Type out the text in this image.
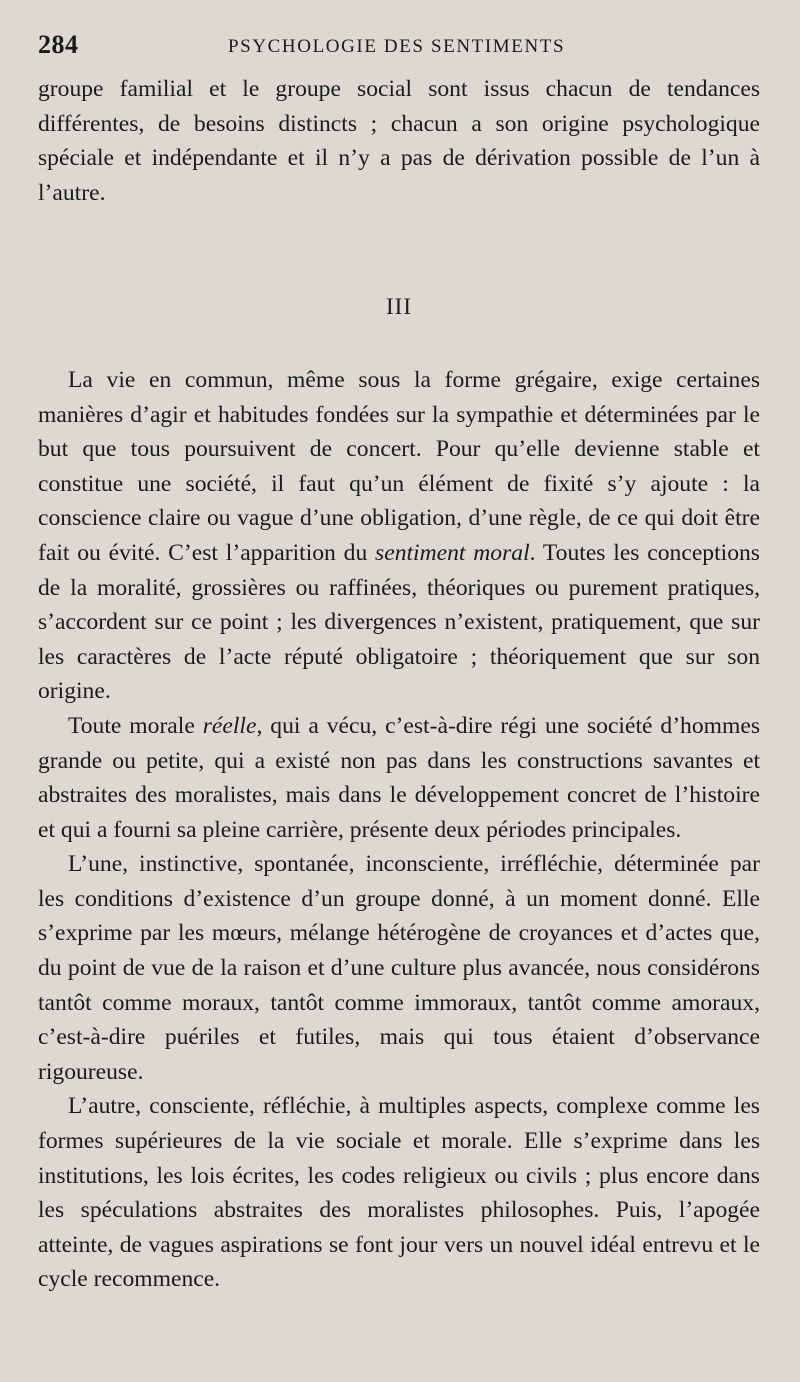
284	PSYCHOLOGIE DES SENTIMENTS

groupe familial et le groupe social sont issus chacun de tendances différentes, de besoins distincts ; chacun a son origine psychologique spéciale et indépendante et il n’y a pas de dérivation possible de l’un à l’autre.

III

La vie en commun, même sous la forme grégaire, exige certaines manières d’agir et habitudes fondées sur la sympathie et déterminées par le but que tous poursuivent de concert. Pour qu’elle devienne stable et constitue une société, il faut qu’un élément de fixité s’y ajoute : la conscience claire ou vague d’une obligation, d’une règle, de ce qui doit être fait ou évité. C’est l’apparition du sentiment moral. Toutes les conceptions de la moralité, grossières ou raffinées, théoriques ou purement pratiques, s’accordent sur ce point ; les divergences n’existent, pratiquement, que sur les caractères de l’acte réputé obligatoire ; théoriquement que sur son origine.

Toute morale réelle, qui a vécu, c’est-à-dire régi une société d’hommes grande ou petite, qui a existé non pas dans les constructions savantes et abstraites des moralistes, mais dans le développement concret de l’histoire et qui a fourni sa pleine carrière, présente deux périodes principales.

L’une, instinctive, spontanée, inconsciente, irréfléchie, déterminée par les conditions d’existence d’un groupe donné, à un moment donné. Elle s’exprime par les mœurs, mélange hétérogène de croyances et d’actes que, du point de vue de la raison et d’une culture plus avancée, nous considérons tantôt comme moraux, tantôt comme immoraux, tantôt comme amoraux, c’est-à-dire puériles et futiles, mais qui tous étaient d’observance rigoureuse.

L’autre, consciente, réfléchie, à multiples aspects, complexe comme les formes supérieures de la vie sociale et morale. Elle s’exprime dans les institutions, les lois écrites, les codes religieux ou civils ; plus encore dans les spéculations abstraites des moralistes philosophes. Puis, l’apogée atteinte, de vagues aspirations se font jour vers un nouvel idéal entrevu et le cycle recommence.
